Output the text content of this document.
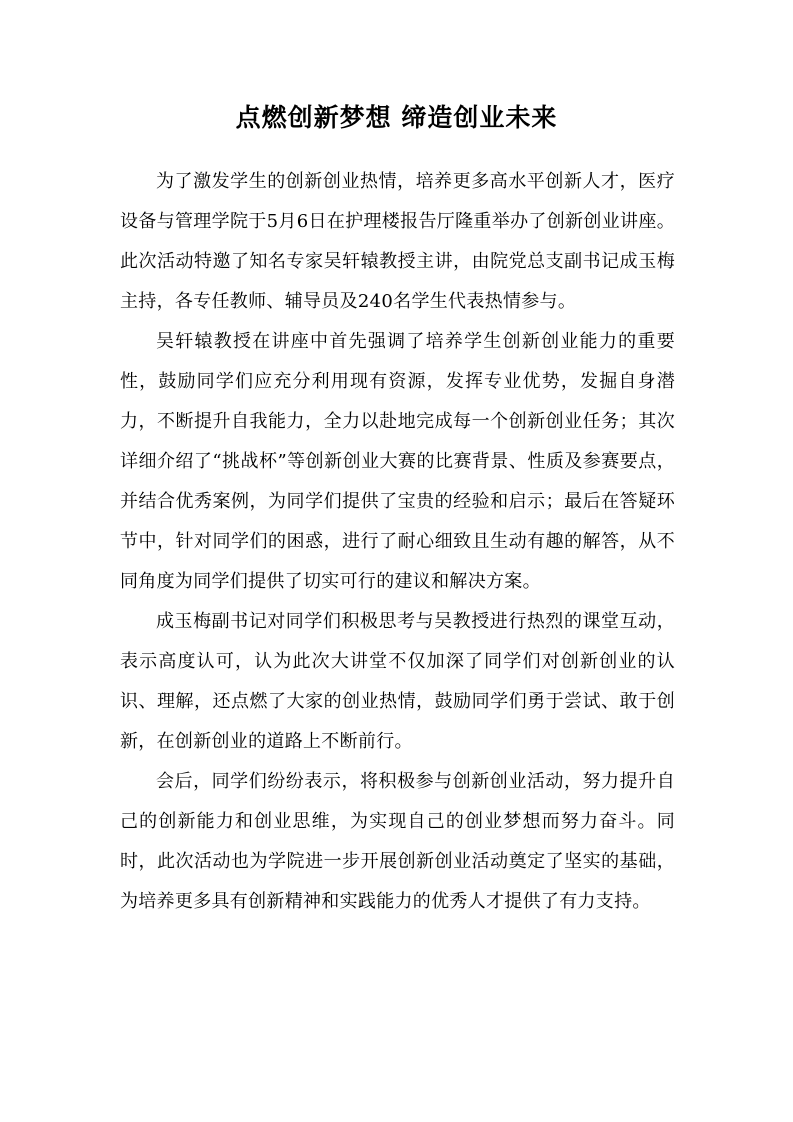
点燃创新梦想 缔造创业未来

为了激发学生的创新创业热情，培养更多高水平创新人才，医疗设备与管理学院于5月6日在护理楼报告厅隆重举办了创新创业讲座。此次活动特邀了知名专家吴轩辕教授主讲，由院党总支副书记成玉梅主持，各专任教师、辅导员及240名学生代表热情参与。

吴轩辕教授在讲座中首先强调了培养学生创新创业能力的重要性，鼓励同学们应充分利用现有资源，发挥专业优势，发掘自身潜力，不断提升自我能力，全力以赴地完成每一个创新创业任务；其次详细介绍了“挑战杯”等创新创业大赛的比赛背景、性质及参赛要点，并结合优秀案例，为同学们提供了宝贵的经验和启示；最后在答疑环节中，针对同学们的困惑，进行了耐心细致且生动有趣的解答，从不同角度为同学们提供了切实可行的建议和解决方案。

成玉梅副书记对同学们积极思考与吴教授进行热烈的课堂互动，表示高度认可，认为此次大讲堂不仅加深了同学们对创新创业的认识、理解，还点燃了大家的创业热情，鼓励同学们勇于尝试、敢于创新，在创新创业的道路上不断前行。

会后，同学们纷纷表示，将积极参与创新创业活动，努力提升自己的创新能力和创业思维，为实现自己的创业梦想而努力奋斗。同时，此次活动也为学院进一步开展创新创业活动奠定了坚实的基础，为培养更多具有创新精神和实践能力的优秀人才提供了有力支持。
